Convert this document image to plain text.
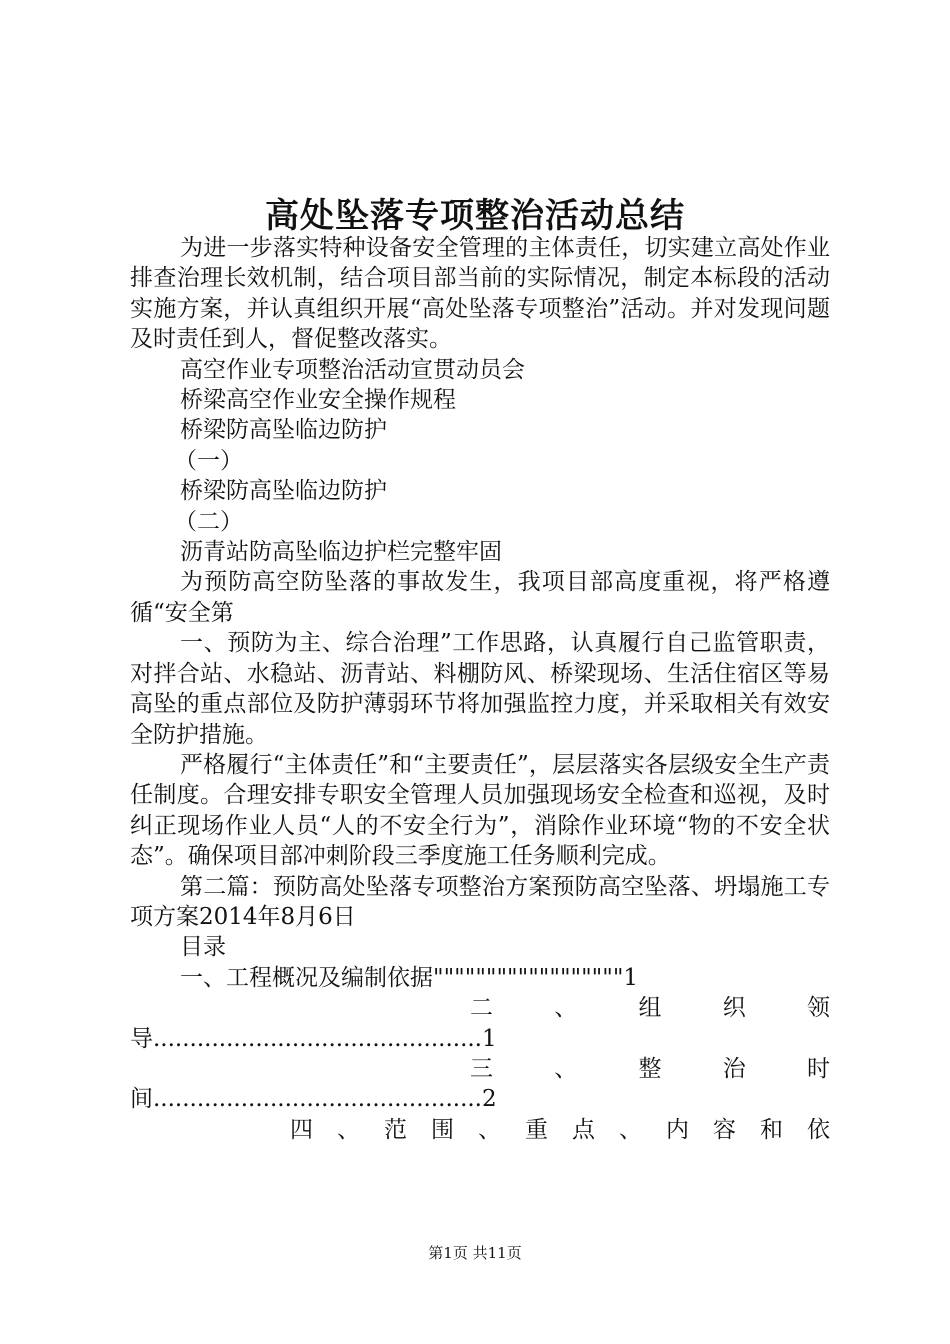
高处坠落专项整治活动总结

为进一步落实特种设备安全管理的主体责任，切实建立高处作业排查治理长效机制，结合项目部当前的实际情况，制定本标段的活动实施方案，并认真组织开展“高处坠落专项整治”活动。并对发现问题及时责任到人，督促整改落实。

高空作业专项整治活动宣贯动员会

桥梁高空作业安全操作规程

桥梁防高坠临边防护

（一）

桥梁防高坠临边防护

（二）

沥青站防高坠临边护栏完整牢固

为预防高空防坠落的事故发生，我项目部高度重视，将严格遵循“安全第

一、预防为主、综合治理”工作思路，认真履行自己监管职责，对拌合站、水稳站、沥青站、料棚防风、桥梁现场、生活住宿区等易高坠的重点部位及防护薄弱环节将加强监控力度，并采取相关有效安全防护措施。

严格履行“主体责任”和“主要责任”，层层落实各层级安全生产责任制度。合理安排专职安全管理人员加强现场安全检查和巡视，及时纠正现场作业人员“人的不安全行为”，消除作业环境“物的不安全状态”。确保项目部冲刺阶段三季度施工任务顺利完成。

第二篇：预防高处坠落专项整治方案预防高空坠落、坍塌施工专项方案2014年8月6日

目录

一、工程概况及编制依据""""""""""""""""""1

二 、 组 织 领

导.............................................1

三 、 整 治 时

间.............................................2

四 、 范 围 、 重 点 、 内 容 和 依

第1页 共11页
